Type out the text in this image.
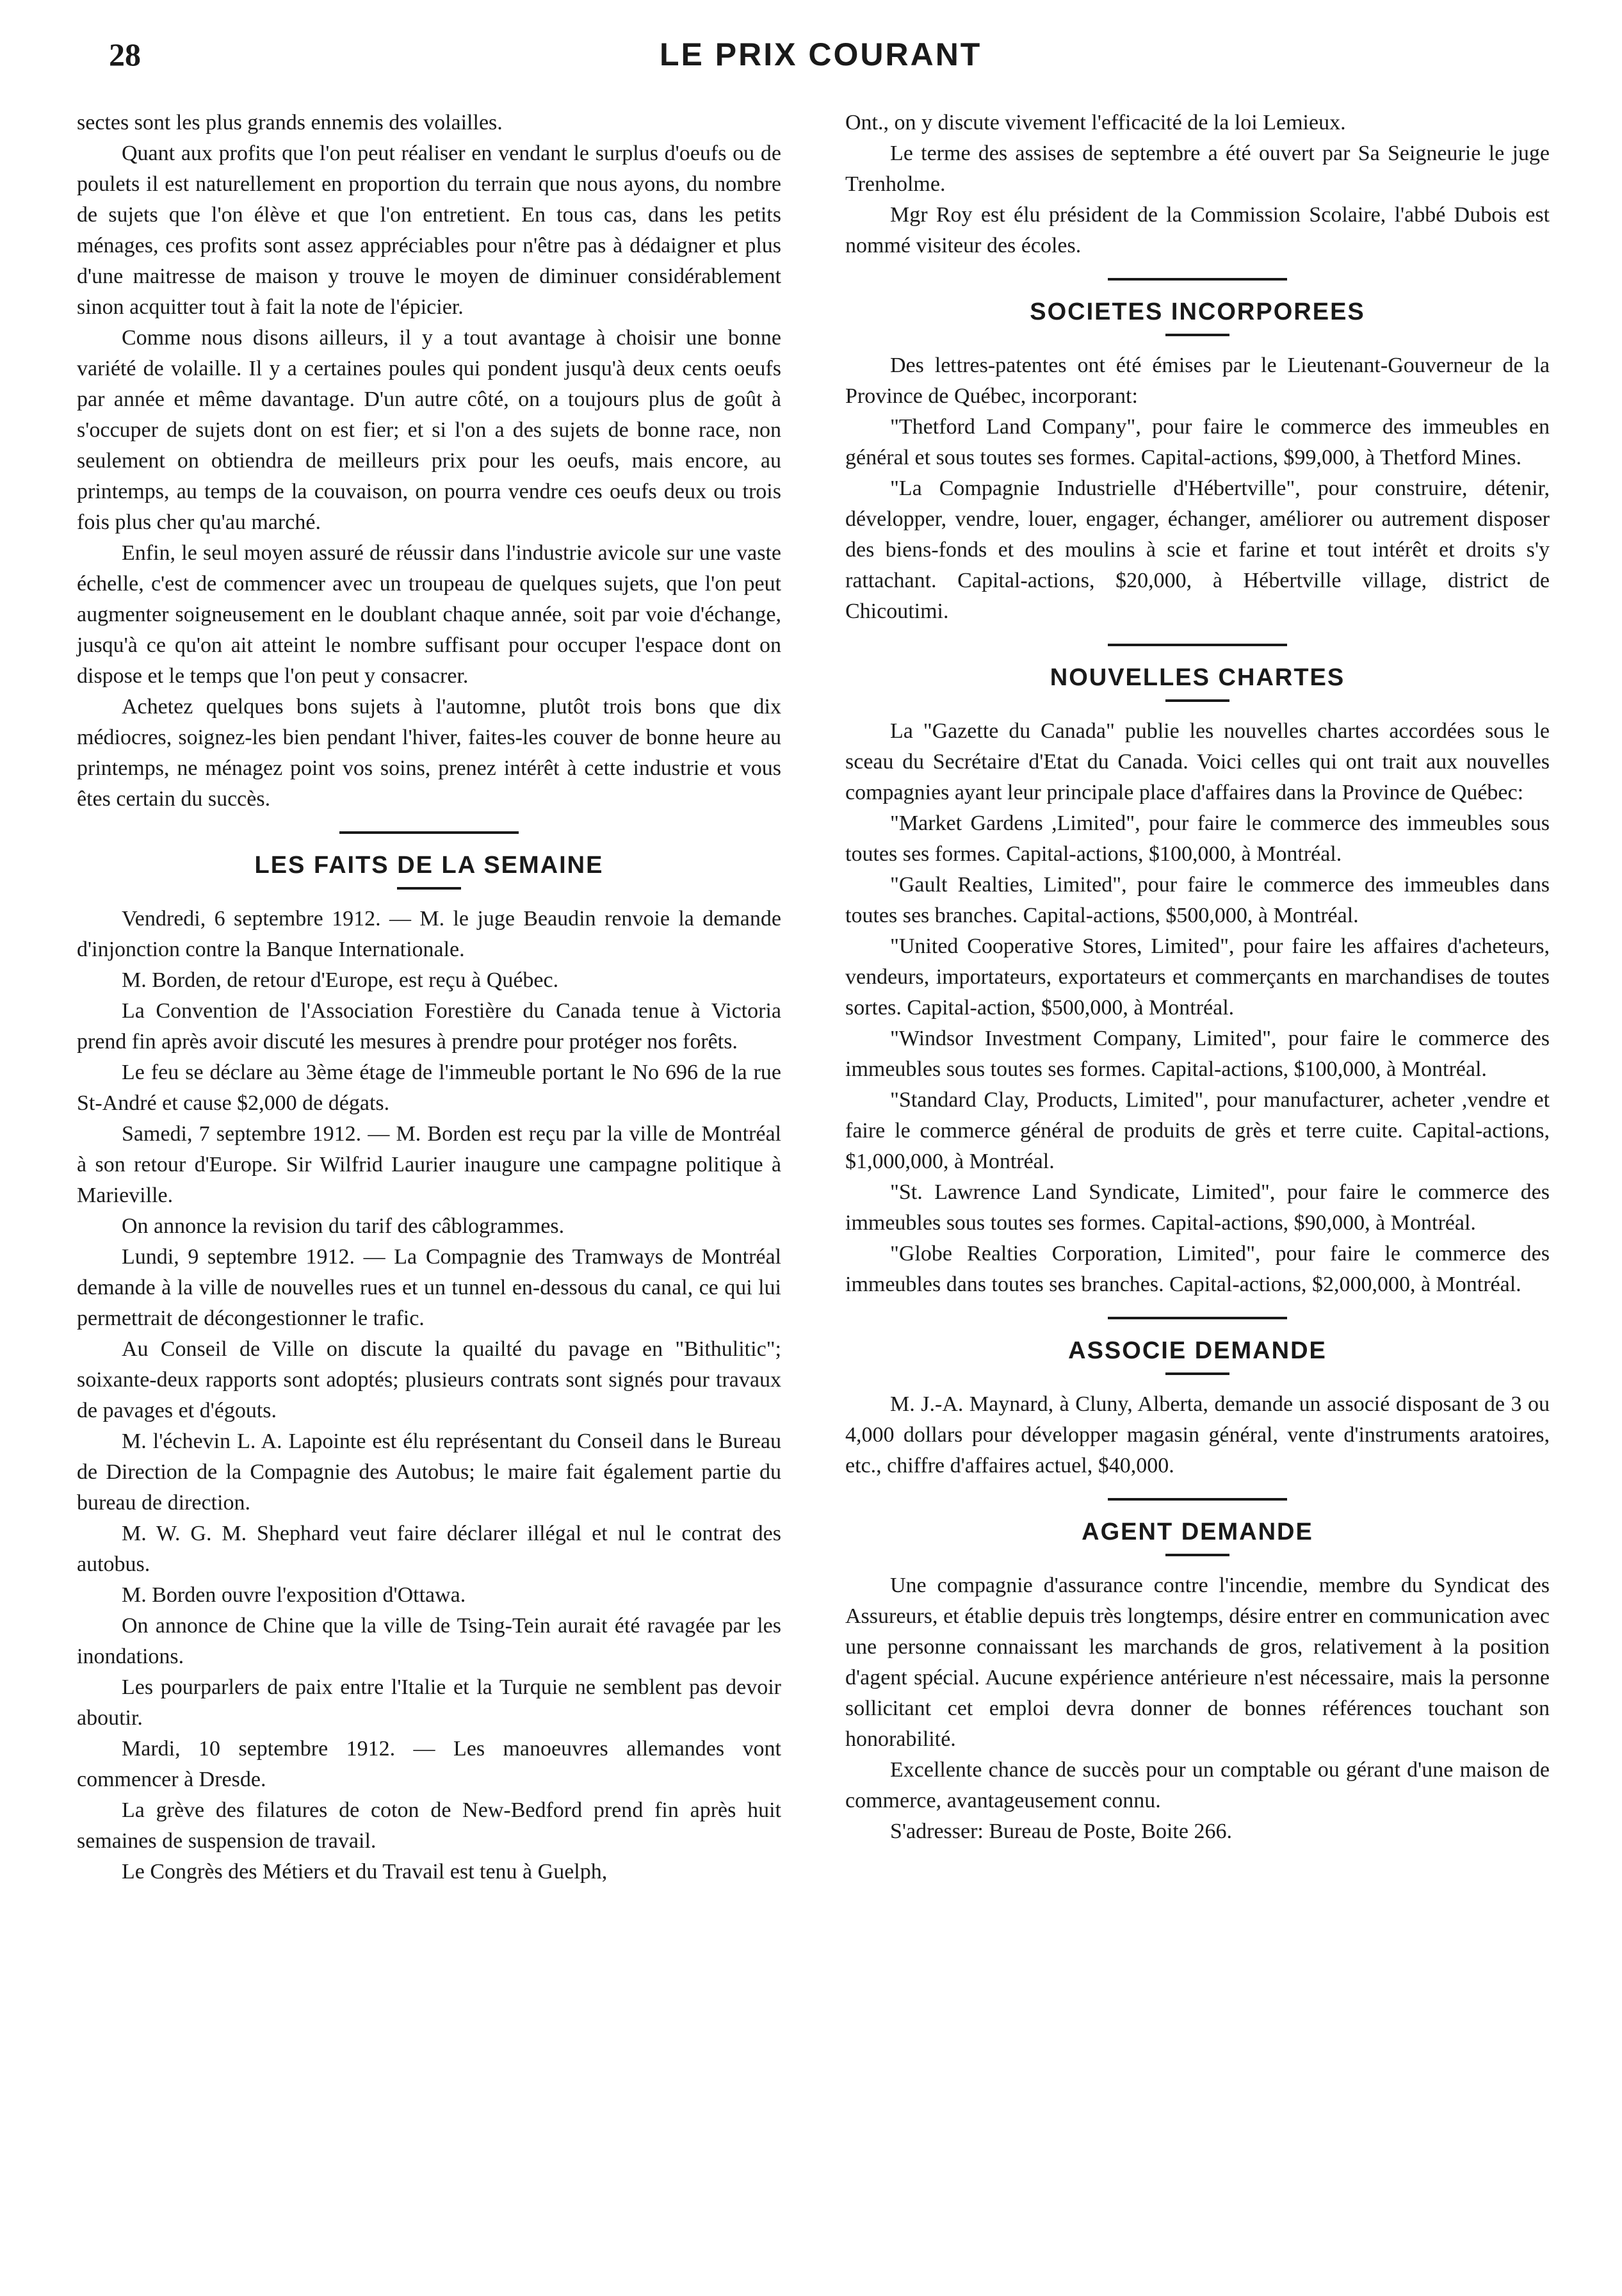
28	LE PRIX COURANT

sectes sont les plus grands ennemis des volailles.

Quant aux profits que l'on peut réaliser en vendant le surplus d'oeufs ou de poulets il est naturellement en proportion du terrain que nous ayons, du nombre de sujets que l'on élève et que l'on entretient. En tous cas, dans les petits ménages, ces profits sont assez appréciables pour n'être pas à dédaigner et plus d'une maitresse de maison y trouve le moyen de diminuer considérablement sinon acquitter tout à fait la note de l'épicier.

Comme nous disons ailleurs, il y a tout avantage à choisir une bonne variété de volaille. Il y a certaines poules qui pondent jusqu'à deux cents oeufs par année et même davantage. D'un autre côté, on a toujours plus de goût à s'occuper de sujets dont on est fier; et si l'on a des sujets de bonne race, non seulement on obtiendra de meilleurs prix pour les oeufs, mais encore, au printemps, au temps de la couvaison, on pourra vendre ces oeufs deux ou trois fois plus cher qu'au marché.

Enfin, le seul moyen assuré de réussir dans l'industrie avicole sur une vaste échelle, c'est de commencer avec un troupeau de quelques sujets, que l'on peut augmenter soigneusement en le doublant chaque année, soit par voie d'échange, jusqu'à ce qu'on ait atteint le nombre suffisant pour occuper l'espace dont on dispose et le temps que l'on peut y consacrer.

Achetez quelques bons sujets à l'automne, plutôt trois bons que dix médiocres, soignez-les bien pendant l'hiver, faites-les couver de bonne heure au printemps, ne ménagez point vos soins, prenez intérêt à cette industrie et vous êtes certain du succès.

LES FAITS DE LA SEMAINE

Vendredi, 6 septembre 1912. — M. le juge Beaudin renvoie la demande d'injonction contre la Banque Internationale.

M. Borden, de retour d'Europe, est reçu à Québec.

La Convention de l'Association Forestière du Canada tenue à Victoria prend fin après avoir discuté les mesures à prendre pour protéger nos forêts.

Le feu se déclare au 3ème étage de l'immeuble portant le No 696 de la rue St-André et cause $2,000 de dégats.

Samedi, 7 septembre 1912. — M. Borden est reçu par la ville de Montréal à son retour d'Europe. Sir Wilfrid Laurier inaugure une campagne politique à Marieville.

On annonce la revision du tarif des câblogrammes.

Lundi, 9 septembre 1912. — La Compagnie des Tramways de Montréal demande à la ville de nouvelles rues et un tunnel en-dessous du canal, ce qui lui permettrait de décongestionner le trafic.

Au Conseil de Ville on discute la quailté du pavage en "Bithulitic"; soixante-deux rapports sont adoptés; plusieurs contrats sont signés pour travaux de pavages et d'égouts.

M. l'échevin L. A. Lapointe est élu représentant du Conseil dans le Bureau de Direction de la Compagnie des Autobus; le maire fait également partie du bureau de direction.

M. W. G. M. Shephard veut faire déclarer illégal et nul le contrat des autobus.

M. Borden ouvre l'exposition d'Ottawa.

On annonce de Chine que la ville de Tsing-Tein aurait été ravagée par les inondations.

Les pourparlers de paix entre l'Italie et la Turquie ne semblent pas devoir aboutir.

Mardi, 10 septembre 1912. — Les manoeuvres allemandes vont commencer à Dresde.

La grève des filatures de coton de New-Bedford prend fin après huit semaines de suspension de travail.

Le Congrès des Métiers et du Travail est tenu à Guelph,

Ont., on y discute vivement l'efficacité de la loi Lemieux.

Le terme des assises de septembre a été ouvert par Sa Seigneurie le juge Trenholme.

Mgr Roy est élu président de la Commission Scolaire, l'abbé Dubois est nommé visiteur des écoles.

SOCIETES INCORPOREES

Des lettres-patentes ont été émises par le Lieutenant-Gouverneur de la Province de Québec, incorporant:

"Thetford Land Company", pour faire le commerce des immeubles en général et sous toutes ses formes. Capital-actions, $99,000, à Thetford Mines.

"La Compagnie Industrielle d'Hébertville", pour construire, détenir, développer, vendre, louer, engager, échanger, améliorer ou autrement disposer des biens-fonds et des moulins à scie et farine et tout intérêt et droits s'y rattachant. Capital-actions, $20,000, à Hébertville village, district de Chicoutimi.

NOUVELLES CHARTES

La "Gazette du Canada" publie les nouvelles chartes accordées sous le sceau du Secrétaire d'Etat du Canada. Voici celles qui ont trait aux nouvelles compagnies ayant leur principale place d'affaires dans la Province de Québec:

"Market Gardens ,Limited", pour faire le commerce des immeubles sous toutes ses formes. Capital-actions, $100,000, à Montréal.

"Gault Realties, Limited", pour faire le commerce des immeubles dans toutes ses branches. Capital-actions, $500,000, à Montréal.

"United Cooperative Stores, Limited", pour faire les affaires d'acheteurs, vendeurs, importateurs, exportateurs et commerçants en marchandises de toutes sortes. Capital-action, $500,000, à Montréal.

"Windsor Investment Company, Limited", pour faire le commerce des immeubles sous toutes ses formes. Capital-actions, $100,000, à Montréal.

"Standard Clay, Products, Limited", pour manufacturer, acheter ,vendre et faire le commerce général de produits de grès et terre cuite. Capital-actions, $1,000,000, à Montréal.

"St. Lawrence Land Syndicate, Limited", pour faire le commerce des immeubles sous toutes ses formes. Capital-actions, $90,000, à Montréal.

"Globe Realties Corporation, Limited", pour faire le commerce des immeubles dans toutes ses branches. Capital-actions, $2,000,000, à Montréal.

ASSOCIE DEMANDE

M. J.-A. Maynard, à Cluny, Alberta, demande un associé disposant de 3 ou 4,000 dollars pour développer magasin général, vente d'instruments aratoires, etc., chiffre d'affaires actuel, $40,000.

AGENT DEMANDE

Une compagnie d'assurance contre l'incendie, membre du Syndicat des Assureurs, et établie depuis très longtemps, désire entrer en communication avec une personne connaissant les marchands de gros, relativement à la position d'agent spécial. Aucune expérience antérieure n'est nécessaire, mais la personne sollicitant cet emploi devra donner de bonnes références touchant son honorabilité.

Excellente chance de succès pour un comptable ou gérant d'une maison de commerce, avantageusement connu.

S'adresser: Bureau de Poste, Boite 266.
